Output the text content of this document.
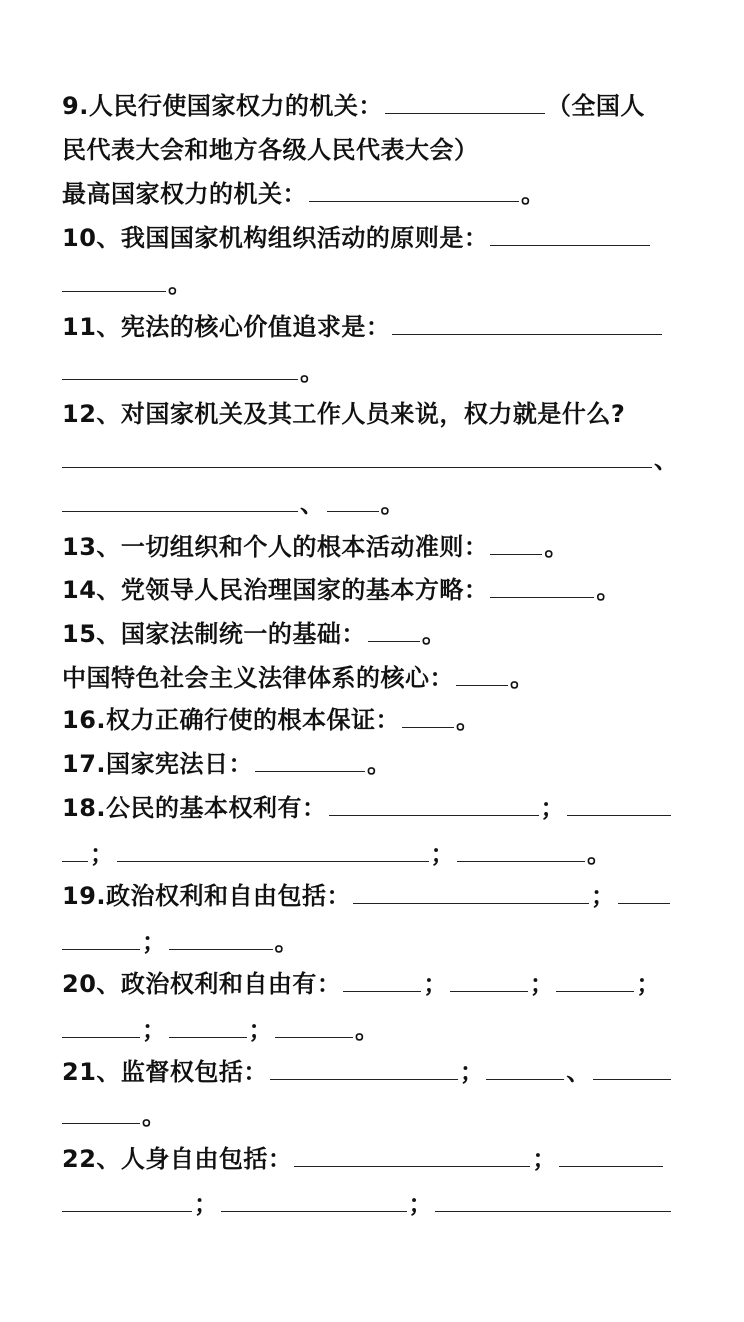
9.人民行使国家权力的机关：	（全国人
民代表大会和地方各级人民代表大会）
最高国家权力的机关：	。
10、我国国家机构组织活动的原则是：
。
11、宪法的核心价值追求是：
。
12、对国家机关及其工作人员来说，权力就是什么?
、
、 。
13、一切组织和个人的根本活动准则： 。
14、党领导人民治理国家的基本方略：	。
15、国家法制统一的基础： 。
中国特色社会主义法律体系的核心： 。
16.权力正确行使的根本保证： 。
17.国家宪法日：	。
18.公民的基本权利有：	；
；	；	。
19.政治权利和自由包括：	；
；	。
20、政治权利和自由有：	；	；	；
；	；	。
21、监督权包括：	；	、
。
22、人身自由包括：	；
；	；
